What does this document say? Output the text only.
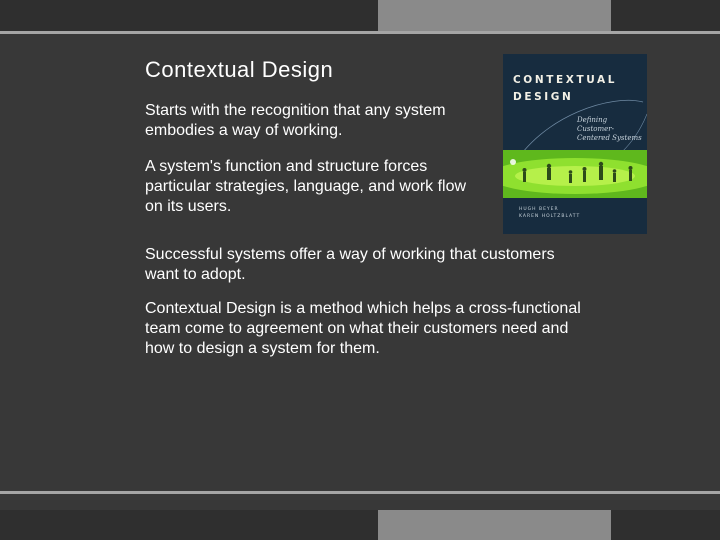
Contextual Design

Starts with the recognition that any system embodies a way of working.

A system's function and structure forces particular strategies, language, and work flow on its users.

Successful systems offer a way of working that customers want to adopt.

Contextual Design is a method which helps a cross-functional team come to agreement on what their customers need and how to design a system for them.

CONTEXTUAL
DESIGN
Defining Customer-Centered Systems
HUGH BEYER
KAREN HOLTZBLATT
